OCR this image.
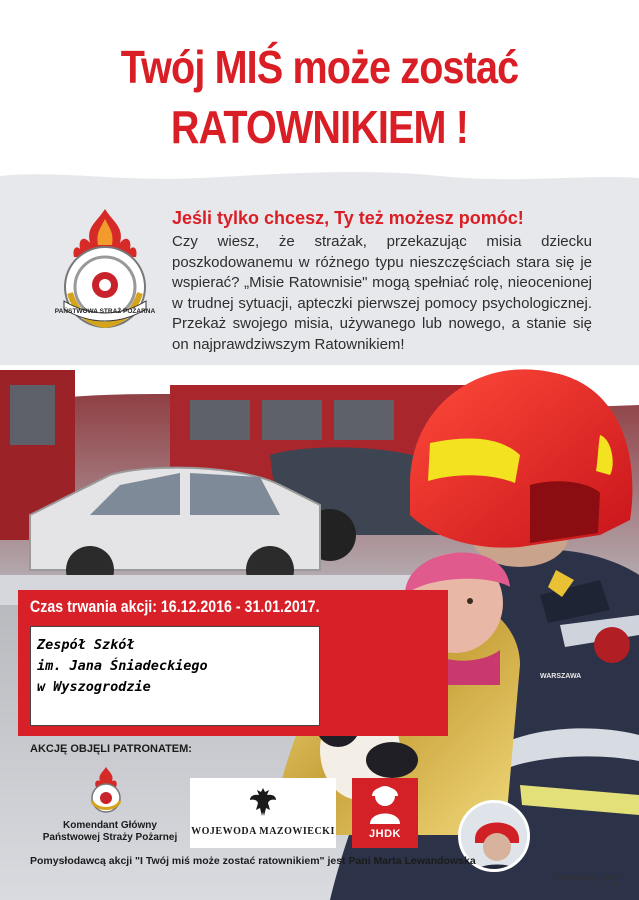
Twój MIŚ może zostać
RATOWNIKIEM !
PAŃSTWOWA STRAŻ POŻARNA
Jeśli tylko chcesz, Ty też możesz pomóc!
Czy wiesz, że strażak, przekazując misia dziecku poszkodowanemu w różnego typu nieszczęściach stara się je wspierać? „Misie Ratownisie" mogą spełniać rolę, nieocenionej w trudnej sytuacji, apteczki pierwszej pomocy psychologicznej. Przekaż swojego misia, używanego lub nowego, a stanie się on najprawdziwszym Ratownikiem!
WARSZAWA
Czas trwania akcji: 16.12.2016 - 31.01.2017.
Zespół Szkół
im. Jana Śniadeckiego
w Wyszogrodzie
AKCJĘ OBJĘLI PATRONATEM:
Komendant Główny
Państwowej Straży Pożarnej
WOJEWODA MAZOWIECKI	JHDK
Pomysłodawcą akcji "I Twój miś może zostać ratownikiem" jest Pani Marta Lewandowska
www.skrzyp.eu ©
